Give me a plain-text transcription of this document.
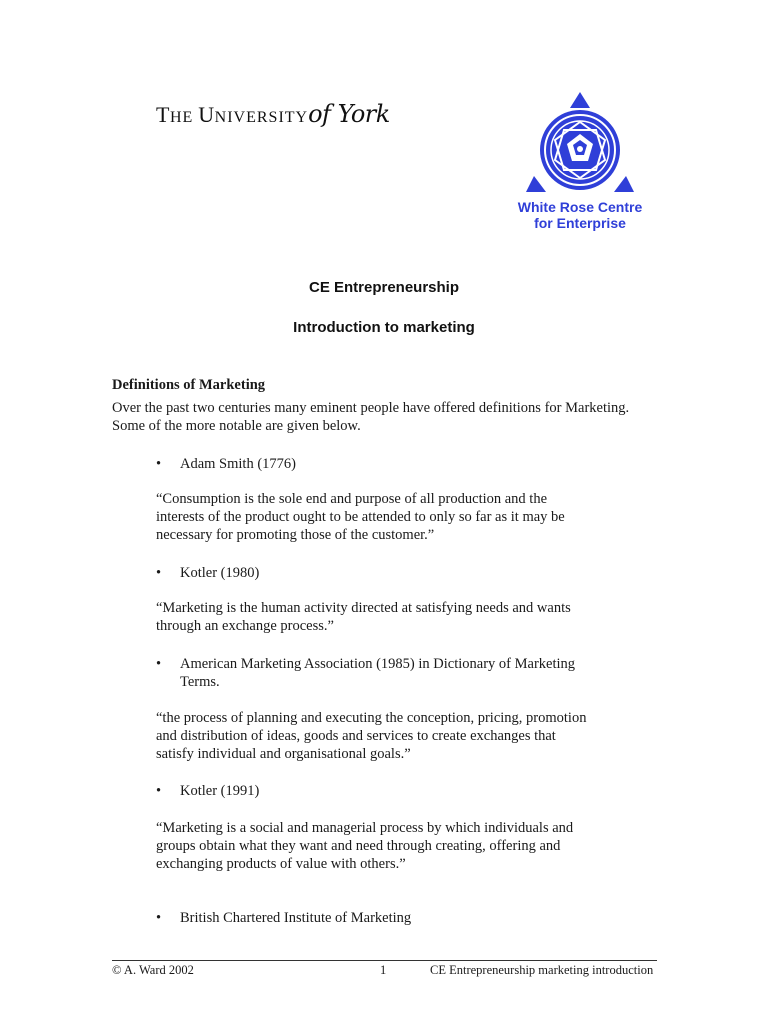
THE UNIVERSITYof York
White Rose Centre
for Enterprise
CE Entrepreneurship
Introduction to marketing
Definitions of Marketing
Over the past two centuries many eminent people have offered definitions for Marketing.
Some of the more notable are given below.
• Adam Smith (1776)
“Consumption is the sole end and purpose of all production and the
interests of the product ought to be attended to only so far as it may be
necessary for promoting those of the customer.”
• Kotler (1980)
“Marketing is the human activity directed at satisfying needs and wants
through an exchange process.”
• American Marketing Association (1985) in Dictionary of Marketing
Terms.
“the process of planning and executing the conception, pricing, promotion
and distribution of ideas, goods and services to create exchanges that
satisfy individual and organisational goals.”
• Kotler (1991)
“Marketing is a social and managerial process by which individuals and
groups obtain what they want and need through creating, offering and
exchanging products of value with others.”
• British Chartered Institute of Marketing
© A. Ward 2002	1	CE Entrepreneurship marketing introduction
